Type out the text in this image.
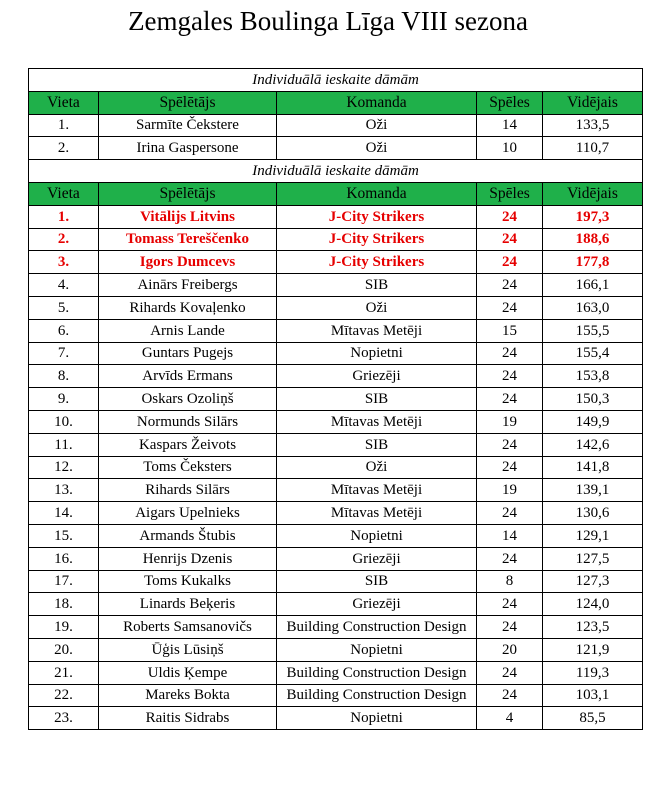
Zemgales Boulinga Līga VIII sezona
Individuālā ieskaite dāmām				
Vieta	Spēlētājs	Komanda	Spēles	Vidējais
1.	Sarmīte Čekstere	Oži	14	133,5
2.	Irina Gaspersone	Oži	10	110,7
Individuālā ieskaite dāmām				
Vieta	Spēlētājs	Komanda	Spēles	Vidējais
1.	Vitālijs Litvins	J-City Strikers	24	197,3
2.	Tomass Tereščenko	J-City Strikers	24	188,6
3.	Igors Dumcevs	J-City Strikers	24	177,8
4.	Ainārs Freibergs	SIB	24	166,1
5.	Rihards Kovaļenko	Oži	24	163,0
6.	Arnis Lande	Mītavas Metēji	15	155,5
7.	Guntars Pugejs	Nopietni	24	155,4
8.	Arvīds Ermans	Griezēji	24	153,8
9.	Oskars Ozoliņš	SIB	24	150,3
10.	Normunds Silārs	Mītavas Metēji	19	149,9
11.	Kaspars Žeivots	SIB	24	142,6
12.	Toms Čeksters	Oži	24	141,8
13.	Rihards Silārs	Mītavas Metēji	19	139,1
14.	Aigars Upelnieks	Mītavas Metēji	24	130,6
15.	Armands Štubis	Nopietni	14	129,1
16.	Henrijs Dzenis	Griezēji	24	127,5
17.	Toms Kukalks	SIB	8	127,3
18.	Linards Beķeris	Griezēji	24	124,0
19.	Roberts Samsanovičs	Building Construction Design	24	123,5
20.	Ūģis Lūsiņš	Nopietni	20	121,9
21.	Uldis Ķempe	Building Construction Design	24	119,3
22.	Mareks Bokta	Building Construction Design	24	103,1
23.	Raitis Sidrabs	Nopietni	4	85,5
